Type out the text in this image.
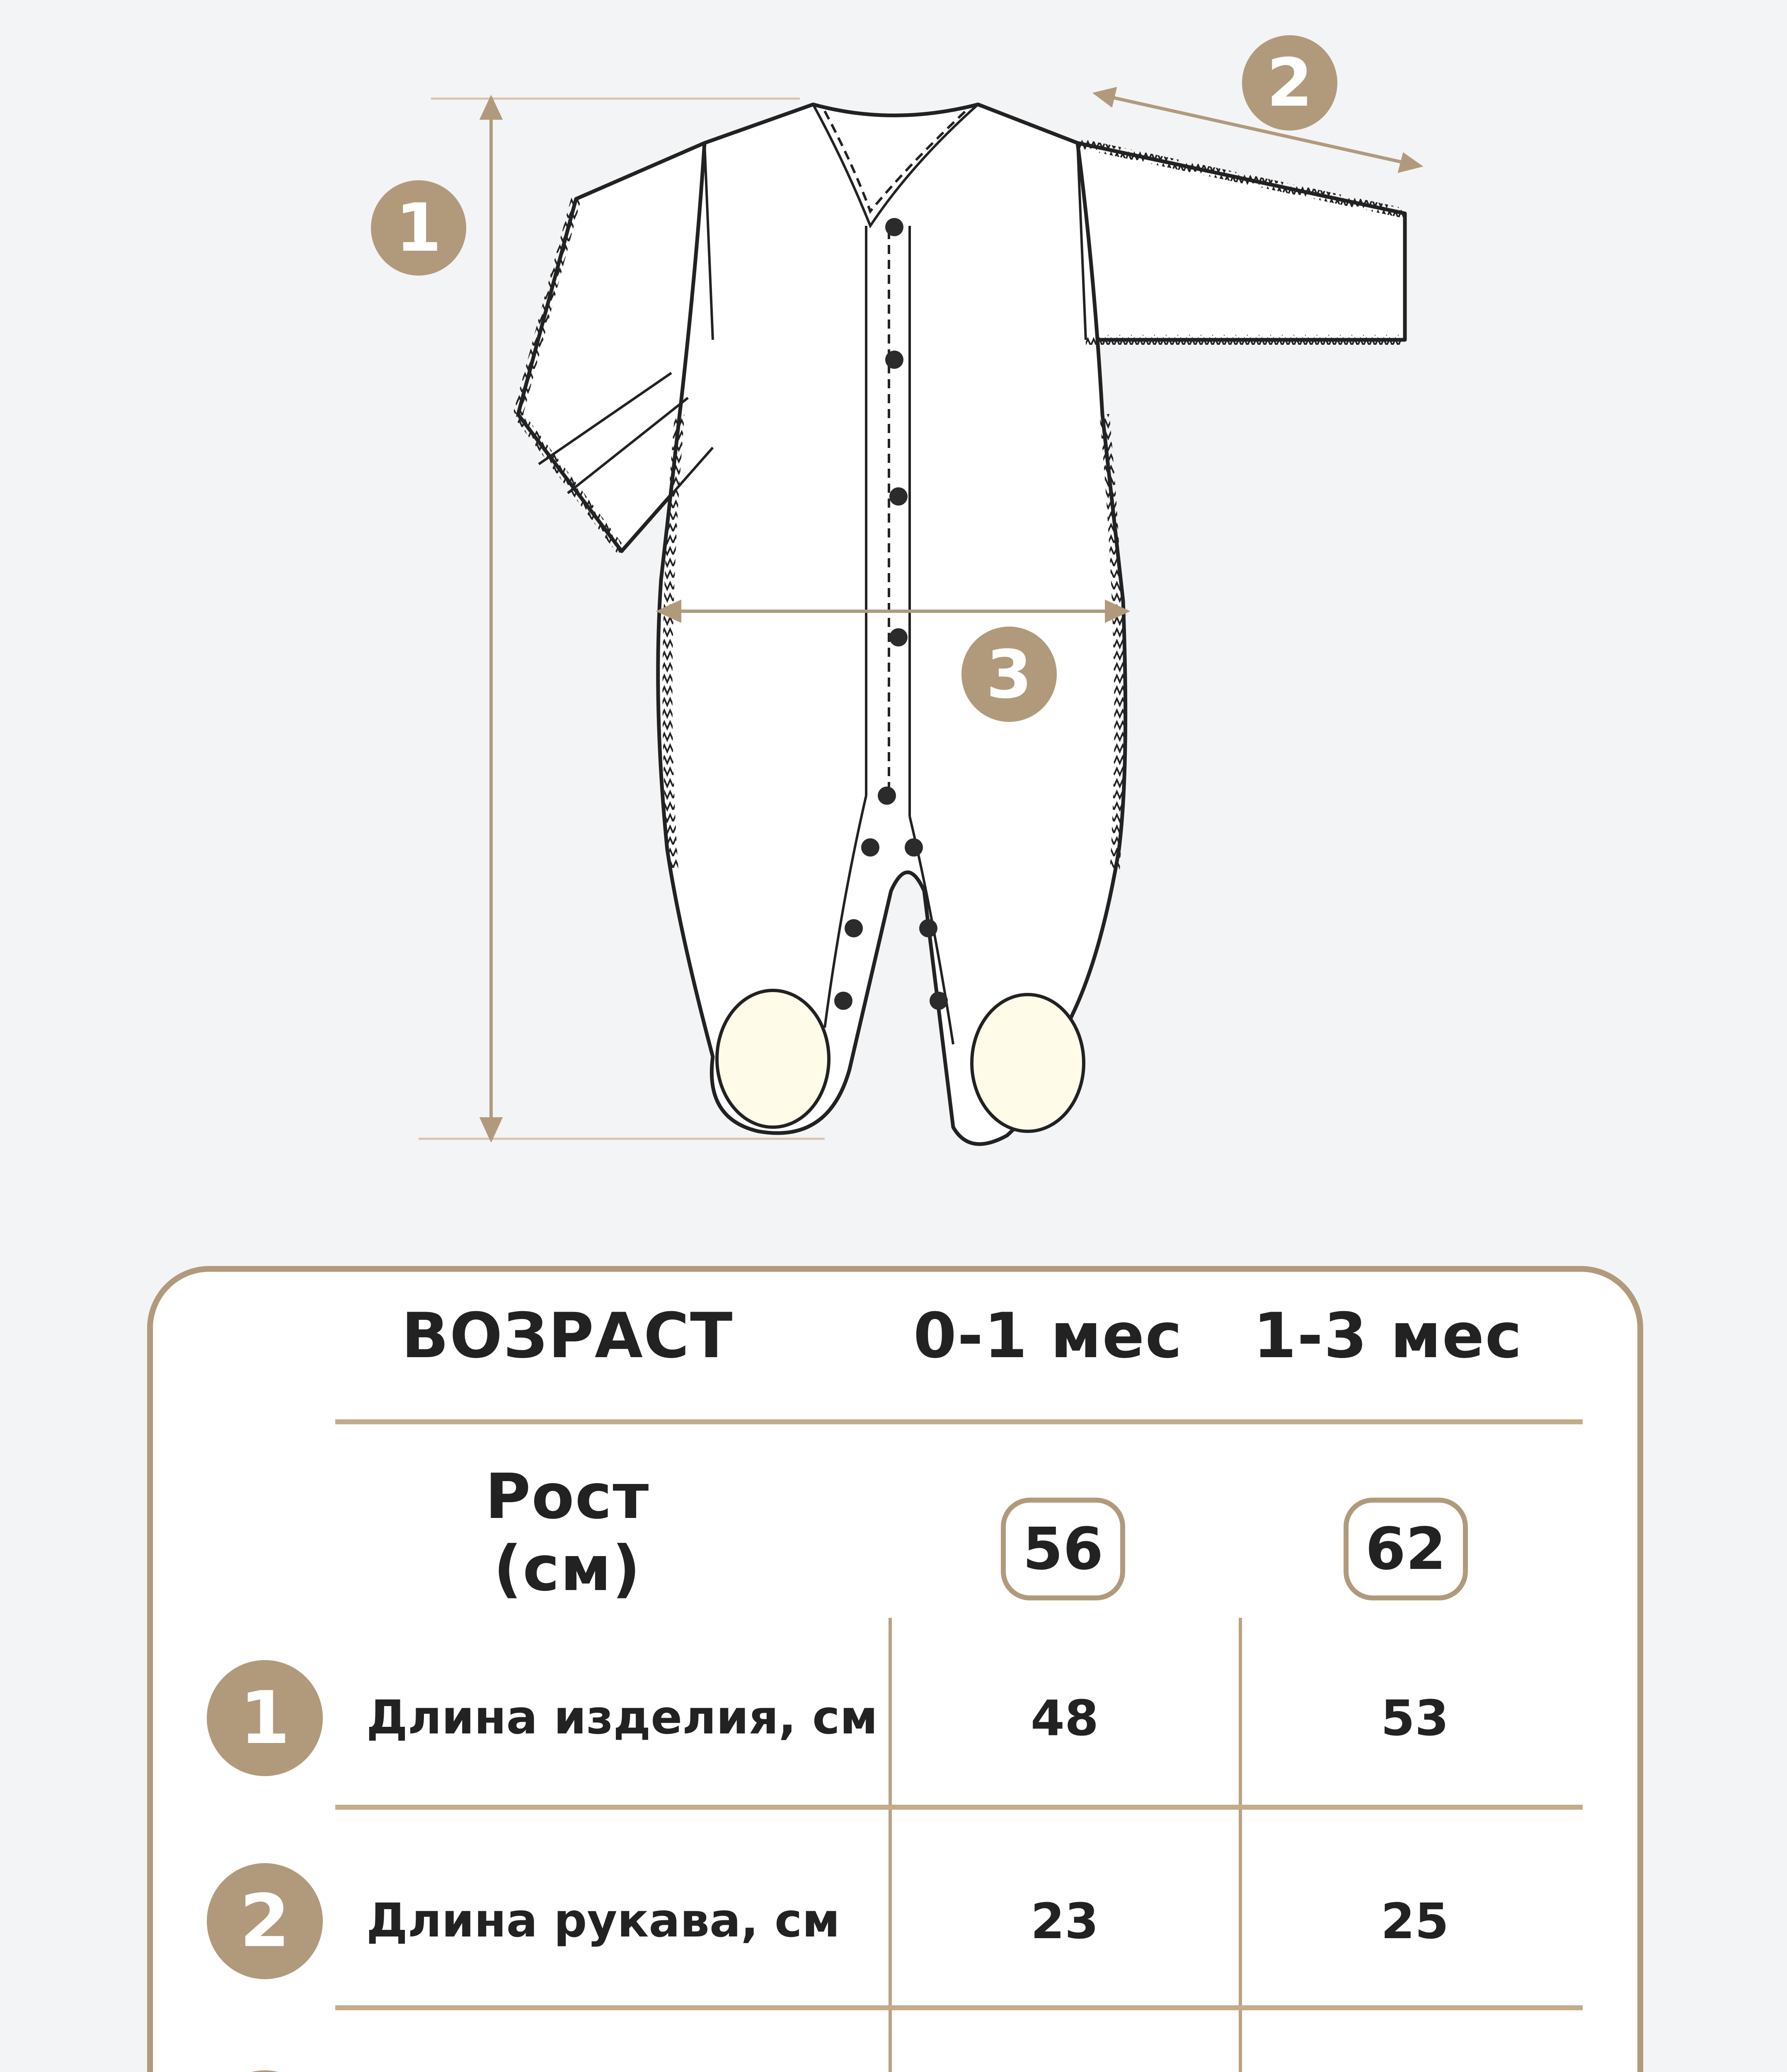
1
2
3
ВОЗРАСТ	0-1 мес	1-3 мес
Рост (см)	56	62
1	Длина изделия, см	48	53
2	Длина рукава, см	23	25
